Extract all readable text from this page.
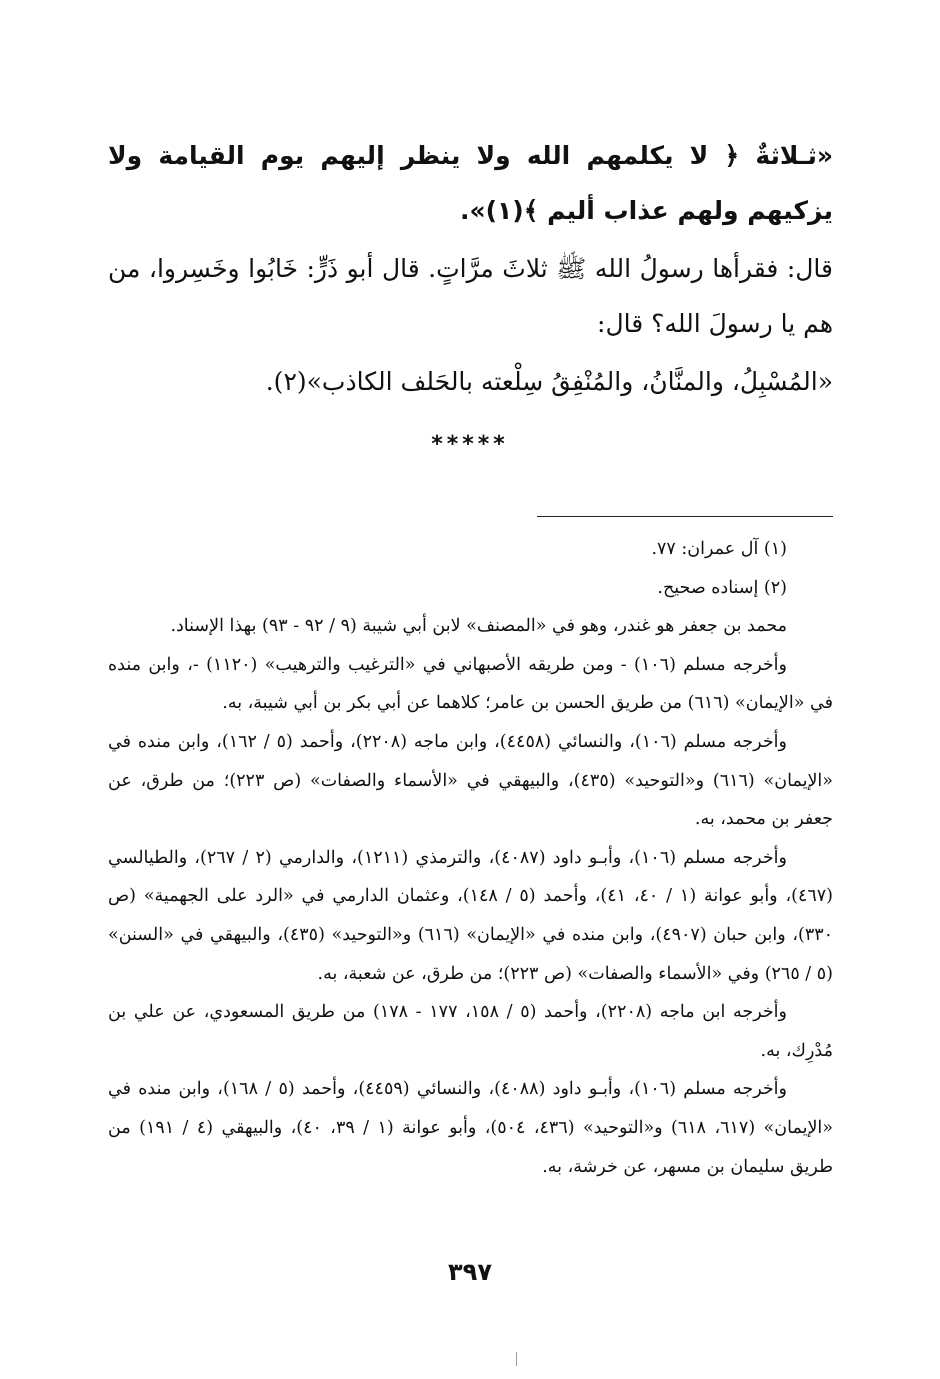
«ثـلاثةٌ ﴿ لا يكلمهم الله ولا ينظر إليهم يوم القيامة ولا يزكيهم ولهم عذاب أليم ﴾(١)».

قال: فقرأها رسولُ الله ﷺ ثلاثَ مرَّاتٍ. قال أبو ذَرٍّ: خَابُوا وخَسِروا، من هم يا رسولَ الله؟ قال:

«المُسْبِلُ، والمنَّانُ، والمُنْفِقُ سِلْعته بالحَلف الكاذب»(٢).

*****

(١) آل عمران: ٧٧.

(٢) إسناده صحيح.

محمد بن جعفر هو غندر، وهو في «المصنف» لابن أبي شيبة (٩ / ٩٢ - ٩٣) بهذا الإسناد.

وأخرجه مسلم (١٠٦) - ومن طريقه الأصبهاني في «الترغيب والترهيب» (١١٢٠) -، وابن منده في «الإيمان» (٦١٦) من طريق الحسن بن عامر؛ كلاهما عن أبي بكر بن أبي شيبة، به.

وأخرجه مسلم (١٠٦)، والنسائي (٤٤٥٨)، وابن ماجه (٢٢٠٨)، وأحمد (٥ / ١٦٢)، وابن منده في «الإيمان» (٦١٦) و«التوحيد» (٤٣٥)، والبيهقي في «الأسماء والصفات» (ص ٢٢٣)؛ من طرق، عن جعفر بن محمد، به.

وأخرجه مسلم (١٠٦)، وأبـو داود (٤٠٨٧)، والترمذي (١٢١١)، والدارمي (٢ / ٢٦٧)، والطيالسي (٤٦٧)، وأبو عوانة (١ / ٤٠، ٤١)، وأحمد (٥ / ١٤٨)، وعثمان الدارمي في «الرد على الجهمية» (ص ٣٣٠)، وابن حبان (٤٩٠٧)، وابن منده في «الإيمان» (٦١٦) و«التوحيد» (٤٣٥)، والبيهقي في «السنن» (٥ / ٢٦٥) وفي «الأسماء والصفات» (ص ٢٢٣)؛ من طرق، عن شعبة، به.

وأخرجه ابن ماجه (٢٢٠٨)، وأحمد (٥ / ١٥٨، ١٧٧ - ١٧٨) من طريق المسعودي، عن علي بن مُدْرِك، به.

وأخرجه مسلم (١٠٦)، وأبـو داود (٤٠٨٨)، والنسائي (٤٤٥٩)، وأحمد (٥ / ١٦٨)، وابن منده في «الإيمان» (٦١٧، ٦١٨) و«التوحيد» (٤٣٦، ٥٠٤)، وأبو عوانة (١ / ٣٩، ٤٠)، والبيهقي (٤ / ١٩١) من طريق سليمان بن مسهر، عن خرشة، به.

٣٩٧
